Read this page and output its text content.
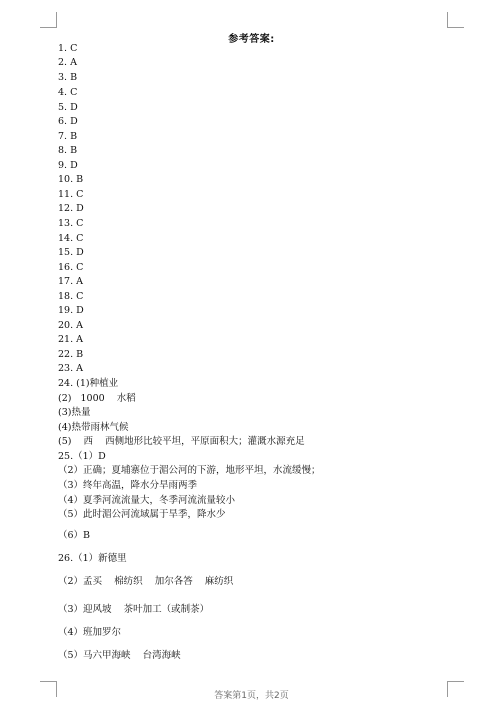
参考答案:
1. C
2. A
3. B
4. C
5. D
6. D
7. B
8. B
9. D
10. B
11. C
12. D
13. C
14. C
15. D
16. C
17. A
18. C
19. D
20. A
21. A
22. B
23. A
24. (1)种植业
(2)   1000    水稻
(3)热量
(4)热带雨林气候
(5)    西    西侧地形比较平坦，平原面积大；灌溉水源充足
25.（1）D
（2）正确；夏埔寨位于湄公河的下游，地形平坦，水流缓慢；
（3）终年高温，降水分旱雨两季
（4）夏季河流流量大，冬季河流流量较小
（5）此时湄公河流域属于旱季，降水少
（6）B
26.（1）新德里
（2）孟买    棉纺织    加尔各答    麻纺织
（3）迎风坡    茶叶加工（或制茶）
（4）班加罗尔
（5）马六甲海峡    台湾海峡
答案第1页，共2页
